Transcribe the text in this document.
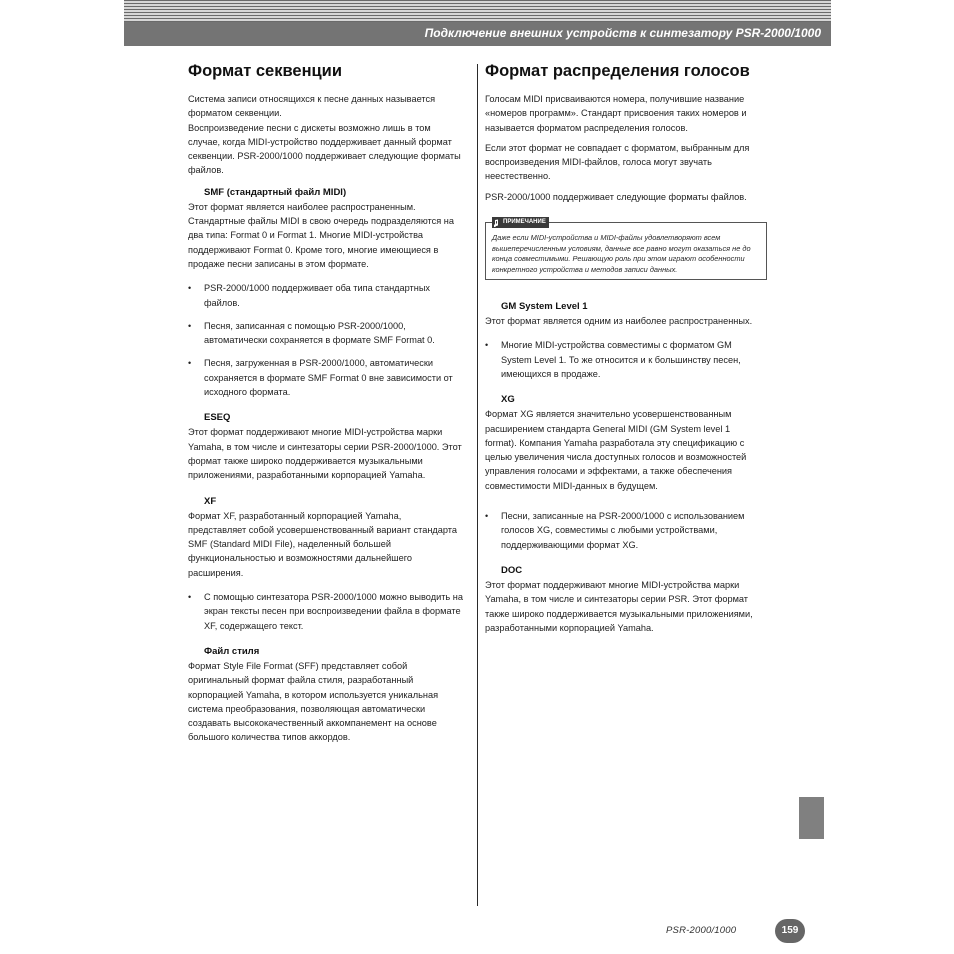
Подключение внешних устройств к синтезатору PSR-2000/1000
Формат секвенции
Система записи относящихся к песне данных называется
форматом секвенции.
Воспроизведение песни с дискеты возможно лишь в том
случае, когда MIDI-устройство поддерживает данный формат
секвенции. PSR-2000/1000 поддерживает следующие форматы
файлов.
SMF (стандартный файл MIDI)
Этот формат является наиболее распространенным.
Стандартные файлы MIDI в свою очередь подразделяются на
два типа: Format 0 и Format 1. Многие MIDI-устройства
поддерживают Format 0. Кроме того, многие имеющиеся в
продаже песни записаны в этом формате.
• PSR-2000/1000 поддерживает оба типа стандартных
файлов.
• Песня, записанная с помощью PSR-2000/1000,
автоматически сохраняется в формате SMF Format 0.
• Песня, загруженная в PSR-2000/1000, автоматически
сохраняется в формате SMF Format 0 вне зависимости от
исходного формата.
ESEQ
Этот формат поддерживают многие MIDI-устройства марки
Yamaha, в том числе и синтезаторы серии PSR-2000/1000. Этот
формат также широко поддерживается музыкальными
приложениями, разработанными корпорацией Yamaha.
XF
Формат XF, разработанный корпорацией Yamaha,
представляет собой усовершенствованный вариант стандарта
SMF (Standard MIDI File), наделенный большей
функциональностью и возможностями дальнейшего
расширения.
• С помощью синтезатора PSR-2000/1000 можно выводить на
экран тексты песен при воспроизведении файла в формате
XF, содержащего текст.
Файл стиля
Формат Style File Format (SFF) представляет собой
оригинальный формат файла стиля, разработанный
корпорацией Yamaha, в котором используется уникальная
система преобразования, позволяющая автоматически
создавать высококачественный аккомпанемент на основе
большого количества типов аккордов.
Формат распределения голосов
Голосам MIDI присваиваются номера, получившие название
«номеров программ». Стандарт присвоения таких номеров и
называется форматом распределения голосов.
Если этот формат не совпадает с форматом, выбранным для
воспроизведения MIDI-файлов, голоса могут звучать
неестественно.
PSR-2000/1000 поддерживает следующие форматы файлов.
ПРИМЕЧАНИЕ
Даже если MIDI-устройства и MIDI-файлы удовлетворяют всем
вышеперечисленным условиям, данные все равно могут оказаться не до
конца совместимыми. Решающую роль при этом играют особенности
конкретного устройства и методов записи данных.
GM System Level 1
Этот формат является одним из наиболее распространенных.
• Многие MIDI-устройства совместимы с форматом GM
System Level 1. То же относится и к большинству песен,
имеющихся в продаже.
XG
Формат XG является значительно усовершенствованным
расширением стандарта General MIDI (GM System level 1
format). Компания Yamaha разработала эту спецификацию с
целью увеличения числа доступных голосов и возможностей
управления голосами и эффектами, а также обеспечения
совместимости MIDI-данных в будущем.
• Песни, записанные на PSR-2000/1000 с использованием
голосов XG, совместимы с любыми устройствами,
поддерживающими формат XG.
DOC
Этот формат поддерживают многие MIDI-устройства марки
Yamaha, в том числе и синтезаторы серии PSR. Этот формат
также широко поддерживается музыкальными приложениями,
разработанными корпорацией Yamaha.
PSR-2000/1000	159
